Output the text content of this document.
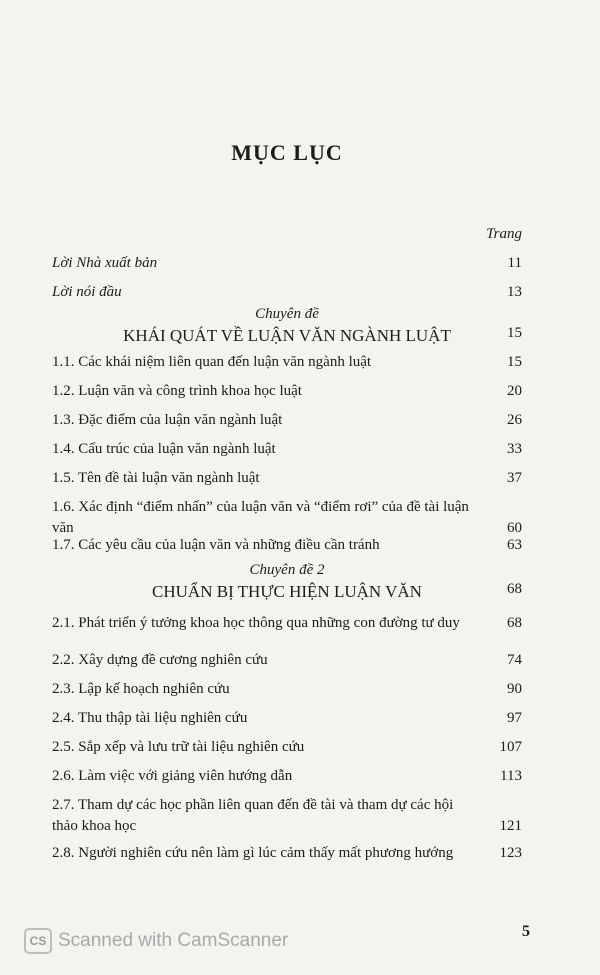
MỤC LỤC
Trang
Lời Nhà xuất bản	11
Lời nói đầu	13
Chuyên đề
KHÁI QUÁT VỀ LUẬN VĂN NGÀNH LUẬT	15
1.1. Các khái niệm liên quan đến luận văn ngành luật	15
1.2. Luận văn và công trình khoa học luật	20
1.3. Đặc điểm của luận văn ngành luật	26
1.4. Cấu trúc của luận văn ngành luật	33
1.5. Tên đề tài luận văn ngành luật	37
1.6. Xác định “điểm nhấn” của luận văn và “điểm rơi” của đề tài luận văn	60
1.7. Các yêu cầu của luận văn và những điều cần tránh	63
Chuyên đề 2
CHUẨN BỊ THỰC HIỆN LUẬN VĂN	68
2.1. Phát triển ý tưởng khoa học thông qua những con đường tư duy	68
2.2. Xây dựng đề cương nghiên cứu	74
2.3. Lập kế hoạch nghiên cứu	90
2.4. Thu thập tài liệu nghiên cứu	97
2.5. Sắp xếp và lưu trữ tài liệu nghiên cứu	107
2.6. Làm việc với giảng viên hướng dẫn	113
2.7. Tham dự các học phần liên quan đến đề tài và tham dự các hội thảo khoa học	121
2.8. Người nghiên cứu nên làm gì lúc cảm thấy mất phương hướng	123
5
CS Scanned with CamScanner
